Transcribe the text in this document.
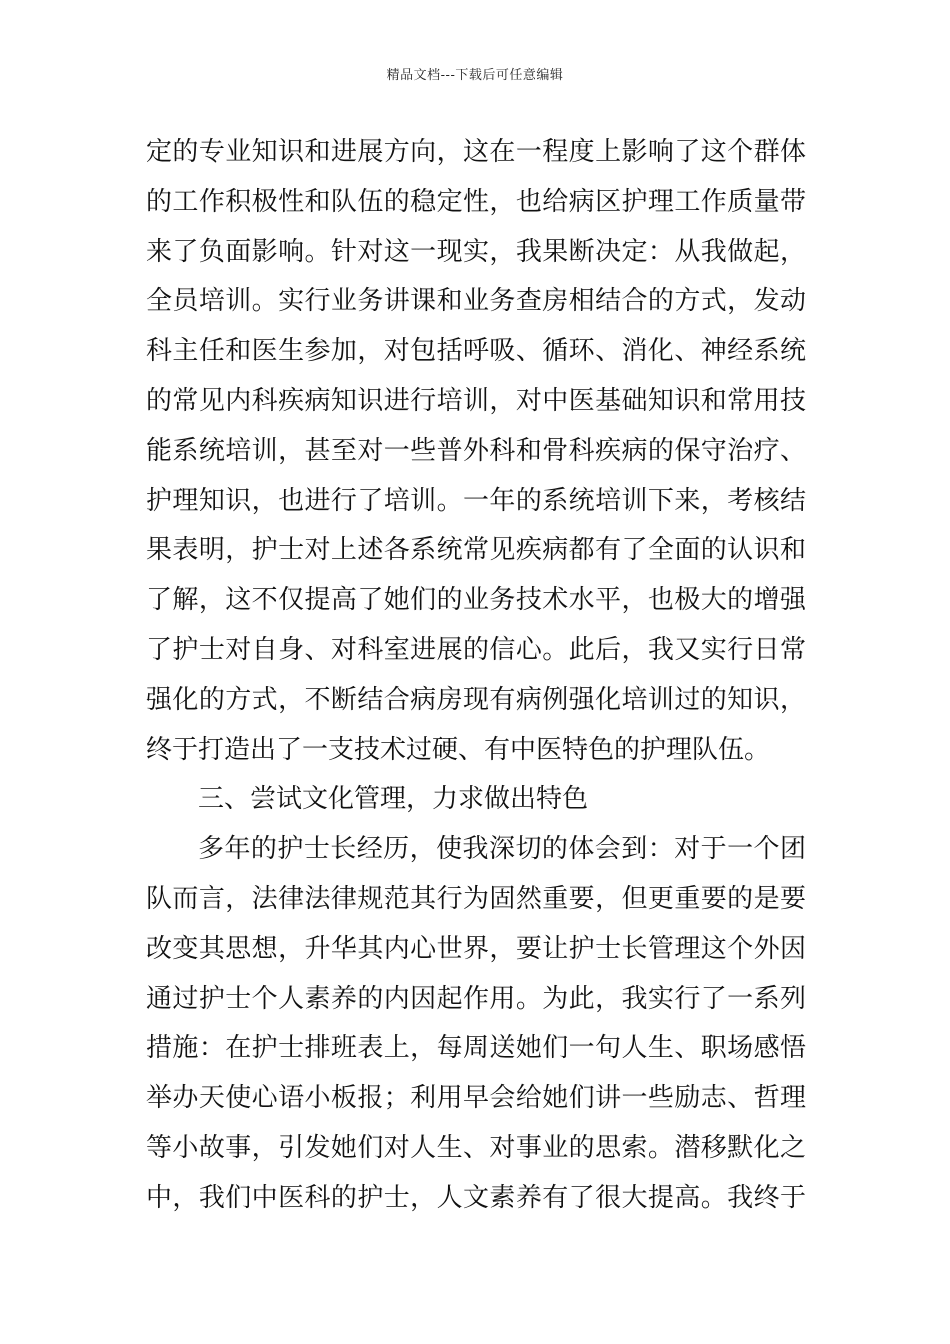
精品文档---下载后可任意编辑
定的专业知识和进展方向，这在一程度上影响了这个群体
的工作积极性和队伍的稳定性，也给病区护理工作质量带
来了负面影响。针对这一现实，我果断决定：从我做起，
全员培训。实行业务讲课和业务查房相结合的方式，发动
科主任和医生参加，对包括呼吸、循环、消化、神经系统
的常见内科疾病知识进行培训，对中医基础知识和常用技
能系统培训，甚至对一些普外科和骨科疾病的保守治疗、
护理知识，也进行了培训。一年的系统培训下来，考核结
果表明，护士对上述各系统常见疾病都有了全面的认识和
了解，这不仅提高了她们的业务技术水平，也极大的增强
了护士对自身、对科室进展的信心。此后，我又实行日常
强化的方式，不断结合病房现有病例强化培训过的知识，
终于打造出了一支技术过硬、有中医特色的护理队伍。
三、尝试文化管理，力求做出特色
多年的护士长经历，使我深切的体会到：对于一个团
队而言，法律法律规范其行为固然重要，但更重要的是要
改变其思想，升华其内心世界，要让护士长管理这个外因
通过护士个人素养的内因起作用。为此，我实行了一系列
措施：在护士排班表上，每周送她们一句人生、职场感悟
举办天使心语小板报；利用早会给她们讲一些励志、哲理
等小故事，引发她们对人生、对事业的思索。潜移默化之
中，我们中医科的护士，人文素养有了很大提高。我终于
